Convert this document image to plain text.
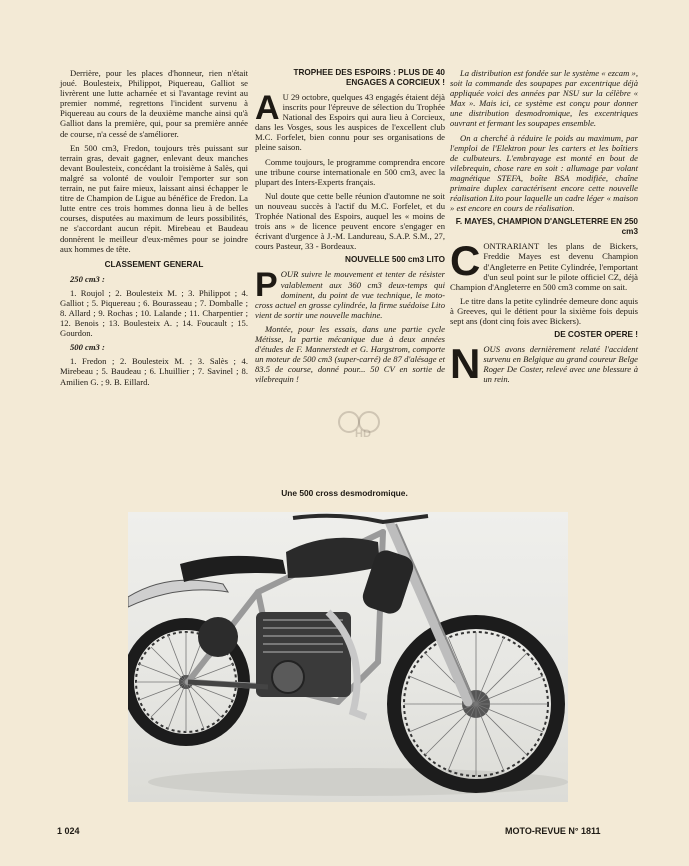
Derrière, pour les places d'honneur, rien n'était joué. Boulesteix, Philippot, Piquereau, Galliot se livrèrent une lutte acharnée et si l'avantage revint au premier nommé, regrettons l'incident survenu à Piquereau au cours de la deuxième manche ainsi qu'à Galliot dans la première, qui, pour sa première année de course, n'a cessé de s'améliorer.

En 500 cm3, Fredon, toujours très puissant sur terrain gras, devait gagner, enlevant deux manches devant Boulesteix, concédant la troisième à Salès, qui malgré sa volonté de vouloir l'emporter sur son terrain, ne put faire mieux, laissant ainsi échapper le titre de Champion de Ligue au bénéfice de Fredon. La lutte entre ces trois hommes donna lieu à de belles courses, disputées au maximum de leurs possibilités, ne s'accordant aucun répit. Mirebeau et Baudeau donnèrent le meilleur d'eux-mêmes pour se joindre aux hommes de tête.

CLASSEMENT GENERAL

250 cm3 :

1. Roujol ; 2. Boulesteix M. ; 3. Philippot ; 4. Galliot ; 5. Piquereau ; 6. Bourasseau ; 7. Domballe ; 8. Allard ; 9. Rochas ; 10. Lalande ; 11. Charpentier ; 12. Benois ; 13. Boulesteix A. ; 14. Foucault ; 15. Gourdon.

500 cm3 :

1. Fredon ; 2. Boulesteix M. ; 3. Salès ; 4. Mirebeau ; 5. Baudeau ; 6. Lhuillier ; 7. Savinel ; 8. Amilien G. ; 9. B. Eillard.

TROPHEE DES ESPOIRS : PLUS DE 40 ENGAGES A CORCIEUX !

A U 29 octobre, quelques 43 engagés étaient déjà inscrits pour l'épreuve de sélection du Trophée National des Espoirs qui aura lieu à Corcieux, dans les Vosges, sous les auspices de l'excellent club M.C. Forfelet, bien connu pour ses organisations de pleine saison.

Comme toujours, le programme comprendra encore une tribune course internationale en 500 cm3, avec la plupart des Inters-Experts français.

Nul doute que cette belle réunion d'automne ne soit un nouveau succès à l'actif du M.C. Forfelet, et du Trophée National des Espoirs, auquel les « moins de trois ans » de licence peuvent encore s'engager en écrivant d'urgence à J.-M. Landureau, S.A.P. S.M., 27, cours Pasteur, 33 - Bordeaux.

NOUVELLE 500 cm3 LITO

POUR suivre le mouvement et tenter de résister valablement aux 360 cm3 deux-temps qui dominent, du point de vue technique, le moto-cross actuel en grosse cylindrée, la firme suédoise Lito vient de sortir une nouvelle machine.

Montée, pour les essais, dans une partie cycle Métisse, la partie mécanique due à deux années d'études de F. Mannerstedt et G. Hargstrom, comporte un moteur de 500 cm3 (super-carré) de 87 d'alésage et 83.5 de course, donné pour... 50 CV en sortie de vilebrequin !

La distribution est fondée sur le système « ezcam », soit la commande des soupapes par excentrique déjà appliquée voici des années par NSU sur la célèbre « Max ». Mais ici, ce système est conçu pour donner une distribution desmodromique, les excentriques ouvrant et fermant les soupapes ensemble.

On a cherché à réduire le poids au maximum, par l'emploi de l'Elektron pour les carters et les boîtiers de culbuteurs. L'embrayage est monté en bout de vilebrequin, chose rare en soit : allumage par volant magnétique STEFA, boîte BSA modifiée, chaîne primaire duplex caractérisent encore cette nouvelle réalisation Lito pour laquelle un cadre léger « maison » est encore en cours de réalisation.

F. MAYES, CHAMPION D'ANGLETERRE EN 250 cm3

CONTRARIANT les plans de Bickers, Freddie Mayes est devenu Champion d'Angleterre en Petite Cylindrée, l'emportant d'un seul point sur le pilote officiel CZ, déjà Champion d'Angleterre en 500 cm3 comme on sait.

Le titre dans la petite cylindrée demeure donc aquis à Greeves, qui le détient pour la sixième fois depuis sept ans (dont cinq fois avec Bickers).

DE COSTER OPERE !

NOUS avons dernièrement relaté l'accident survenu en Belgique au grand coureur Belge Roger De Coster, relevé avec une blessure à un rein.

HD
Une 500 cross desmodromique.
1 024	MOTO-REVUE N° 1811
